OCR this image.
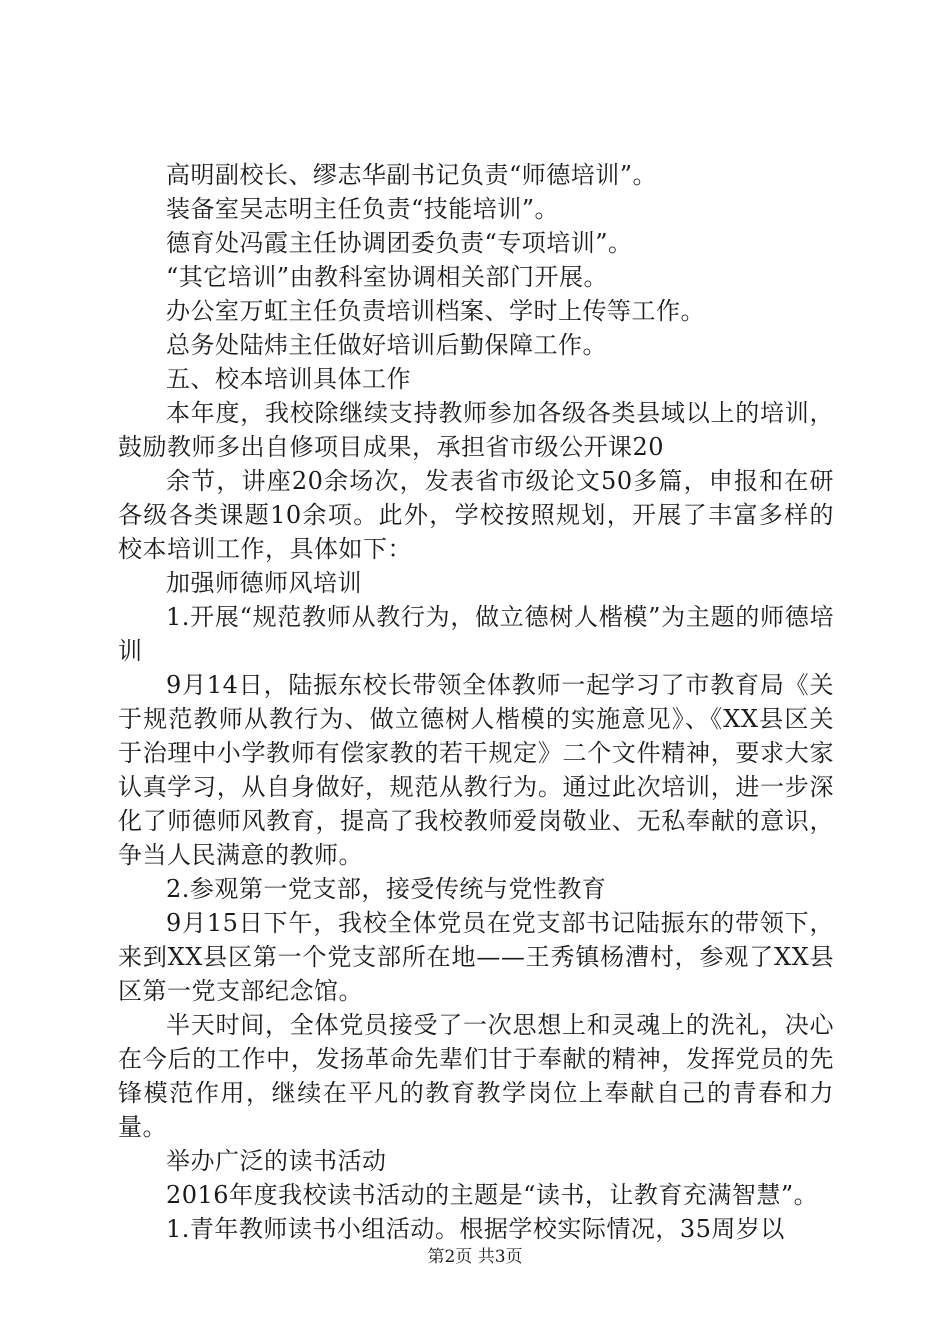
高明副校长、缪志华副书记负责“师德培训”。

装备室吴志明主任负责“技能培训”。

德育处冯霞主任协调团委负责“专项培训”。

“其它培训”由教科室协调相关部门开展。

办公室万虹主任负责培训档案、学时上传等工作。

总务处陆炜主任做好培训后勤保障工作。

五、校本培训具体工作

本年度，我校除继续支持教师参加各级各类县域以上的培训，鼓励教师多出自修项目成果，承担省市级公开课20

余节，讲座20余场次，发表省市级论文50多篇，申报和在研各级各类课题10余项。此外，学校按照规划，开展了丰富多样的校本培训工作，具体如下：

加强师德师风培训

1.开展“规范教师从教行为，做立德树人楷模”为主题的师德培训

9月14日，陆振东校长带领全体教师一起学习了市教育局《关于规范教师从教行为、做立德树人楷模的实施意见》、《XX县区关于治理中小学教师有偿家教的若干规定》二个文件精神，要求大家认真学习，从自身做好，规范从教行为。通过此次培训，进一步深化了师德师风教育，提高了我校教师爱岗敬业、无私奉献的意识，争当人民满意的教师。

2.参观第一党支部，接受传统与党性教育

9月15日下午，我校全体党员在党支部书记陆振东的带领下，来到XX县区第一个党支部所在地——王秀镇杨漕村，参观了XX县区第一党支部纪念馆。

半天时间，全体党员接受了一次思想上和灵魂上的洗礼，决心在今后的工作中，发扬革命先辈们甘于奉献的精神，发挥党员的先锋模范作用，继续在平凡的教育教学岗位上奉献自己的青春和力量。

举办广泛的读书活动

2016年度我校读书活动的主题是“读书，让教育充满智慧”。

1.青年教师读书小组活动。根据学校实际情况，35周岁以

第2页 共3页
